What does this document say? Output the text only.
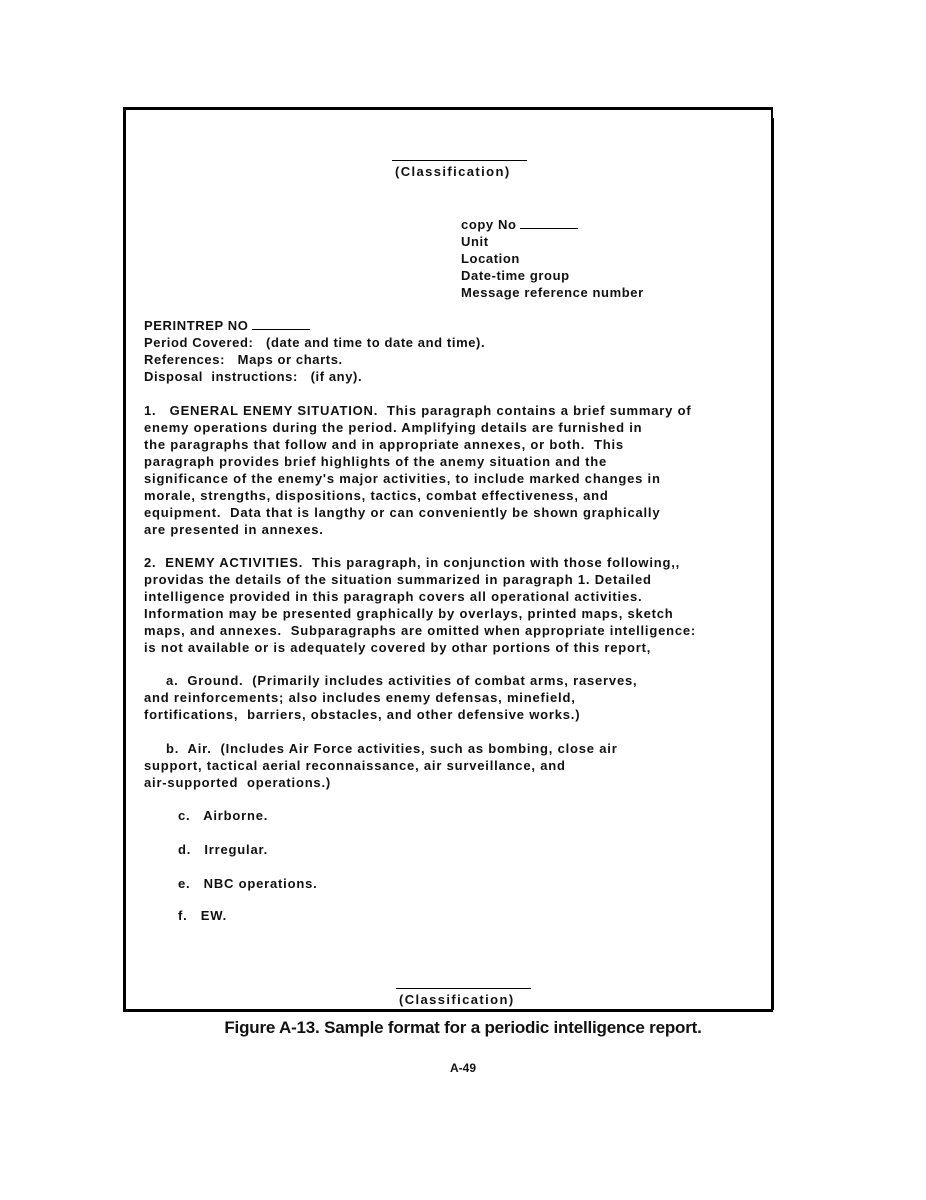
(Classification)
copy No
Unit
Location
Date-time group
Message reference number
PERINTREP NO
Period Covered:   (date and time to date and time).
References:   Maps or charts.
Disposal  instructions:   (if any).
1.   GENERAL ENEMY SITUATION.  This paragraph contains a brief summary of
enemy operations during the period. Amplifying details are furnished in
the paragraphs that follow and in appropriate annexes, or both.  This
paragraph provides brief highlights of the anemy situation and the
significance of the enemy's major activities, to include marked changes in
morale, strengths, dispositions, tactics, combat effectiveness, and
equipment.  Data that is langthy or can conveniently be shown graphically
are presented in annexes.
2.  ENEMY ACTIVITIES.  This paragraph, in conjunction with those following,,
providas the details of the situation summarized in paragraph 1. Detailed
intelligence provided in this paragraph covers all operational activities.
Information may be presented graphically by overlays, printed maps, sketch
maps, and annexes.  Subparagraphs are omitted when appropriate intelligence:
is not available or is adequately covered by othar portions of this report,
a.  Ground.  (Primarily includes activities of combat arms, raserves,
and reinforcements; also includes enemy defensas, minefield,
fortifications,  barriers, obstacles, and other defensive works.)
b.  Air.  (Includes Air Force activities, such as bombing, close air
support, tactical aerial reconnaissance, air surveillance, and
air-supported  operations.)
c.   Airborne.
d.   Irregular.
e.   NBC operations.
f.   EW.
(Classification)
Figure A-13. Sample format for a periodic intelligence report.
A-49
